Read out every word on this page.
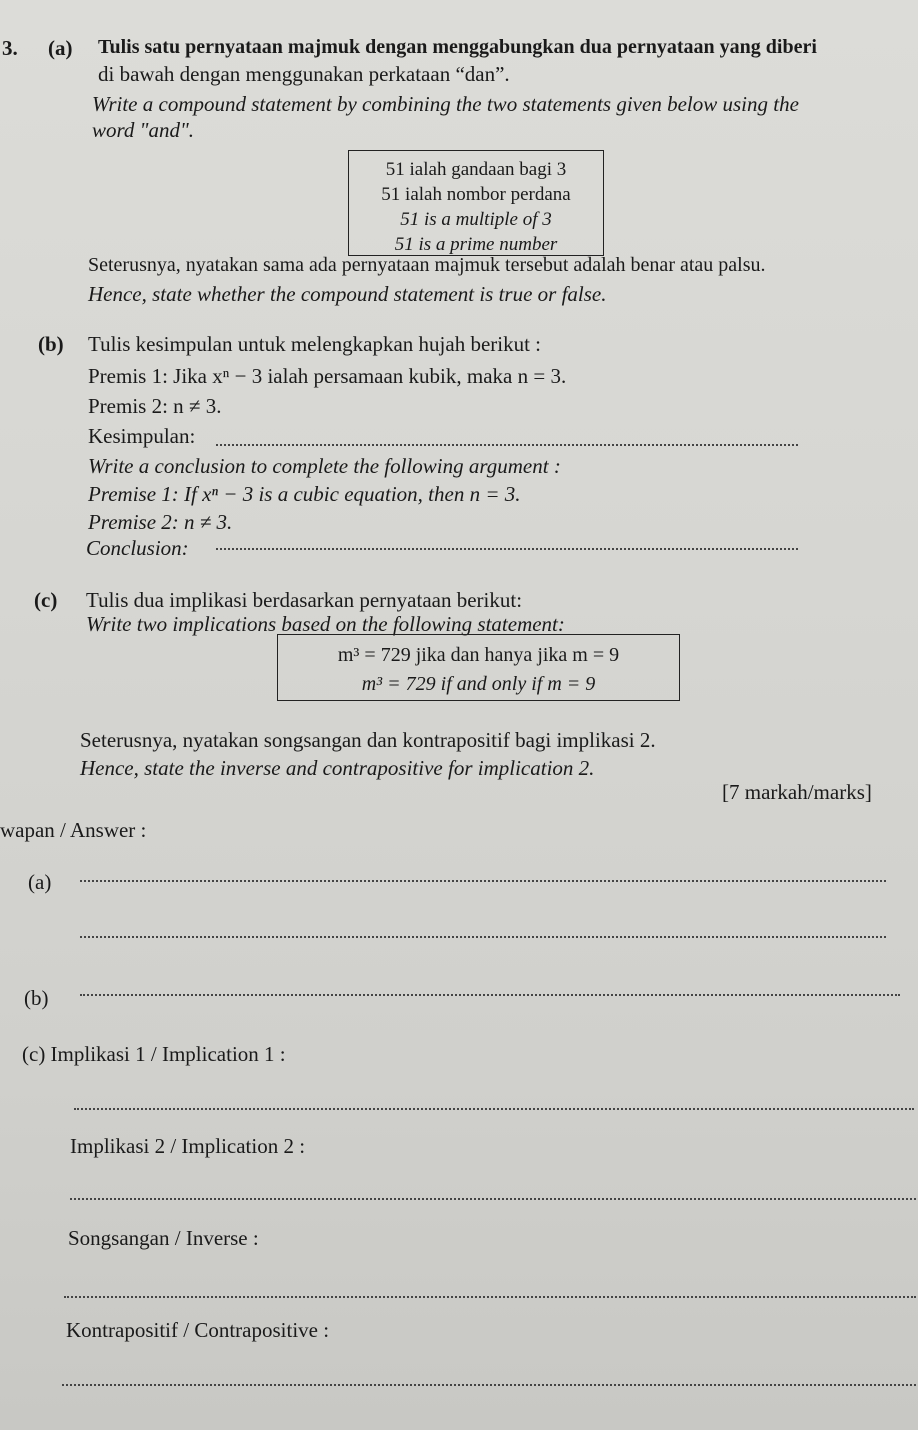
3. (a) Tulis satu pernyataan majmuk dengan menggabungkan dua pernyataan yang diberi
di bawah dengan menggunakan perkataan “dan”.
Write a compound statement by combining the two statements given below using the
word "and".
51 ialah gandaan bagi 3
51 ialah nombor perdana
51 is a multiple of 3
51 is a prime number
Seterusnya, nyatakan sama ada pernyataan majmuk tersebut adalah benar atau palsu.
Hence, state whether the compound statement is true or false.
(b) Tulis kesimpulan untuk melengkapkan hujah berikut :
Premis 1: Jika xⁿ − 3 ialah persamaan kubik, maka n = 3.
Premis 2: n ≠ 3.
Kesimpulan:
Write a conclusion to complete the following argument :
Premise 1: If xⁿ − 3 is a cubic equation, then n = 3.
Premise 2: n ≠ 3.
Conclusion:
(c) Tulis dua implikasi berdasarkan pernyataan berikut:
Write two implications based on the following statement:
m³ = 729 jika dan hanya jika m = 9
m³ = 729 if and only if m = 9
Seterusnya, nyatakan songsangan dan kontrapositif bagi implikasi 2.
Hence, state the inverse and contrapositive for implication 2.
[7 markah/marks]
wapan / Answer :
(a)
(b)
(c) Implikasi 1 / Implication 1 :
Implikasi 2 / Implication 2 :
Songsangan / Inverse :
Kontrapositif / Contrapositive :
